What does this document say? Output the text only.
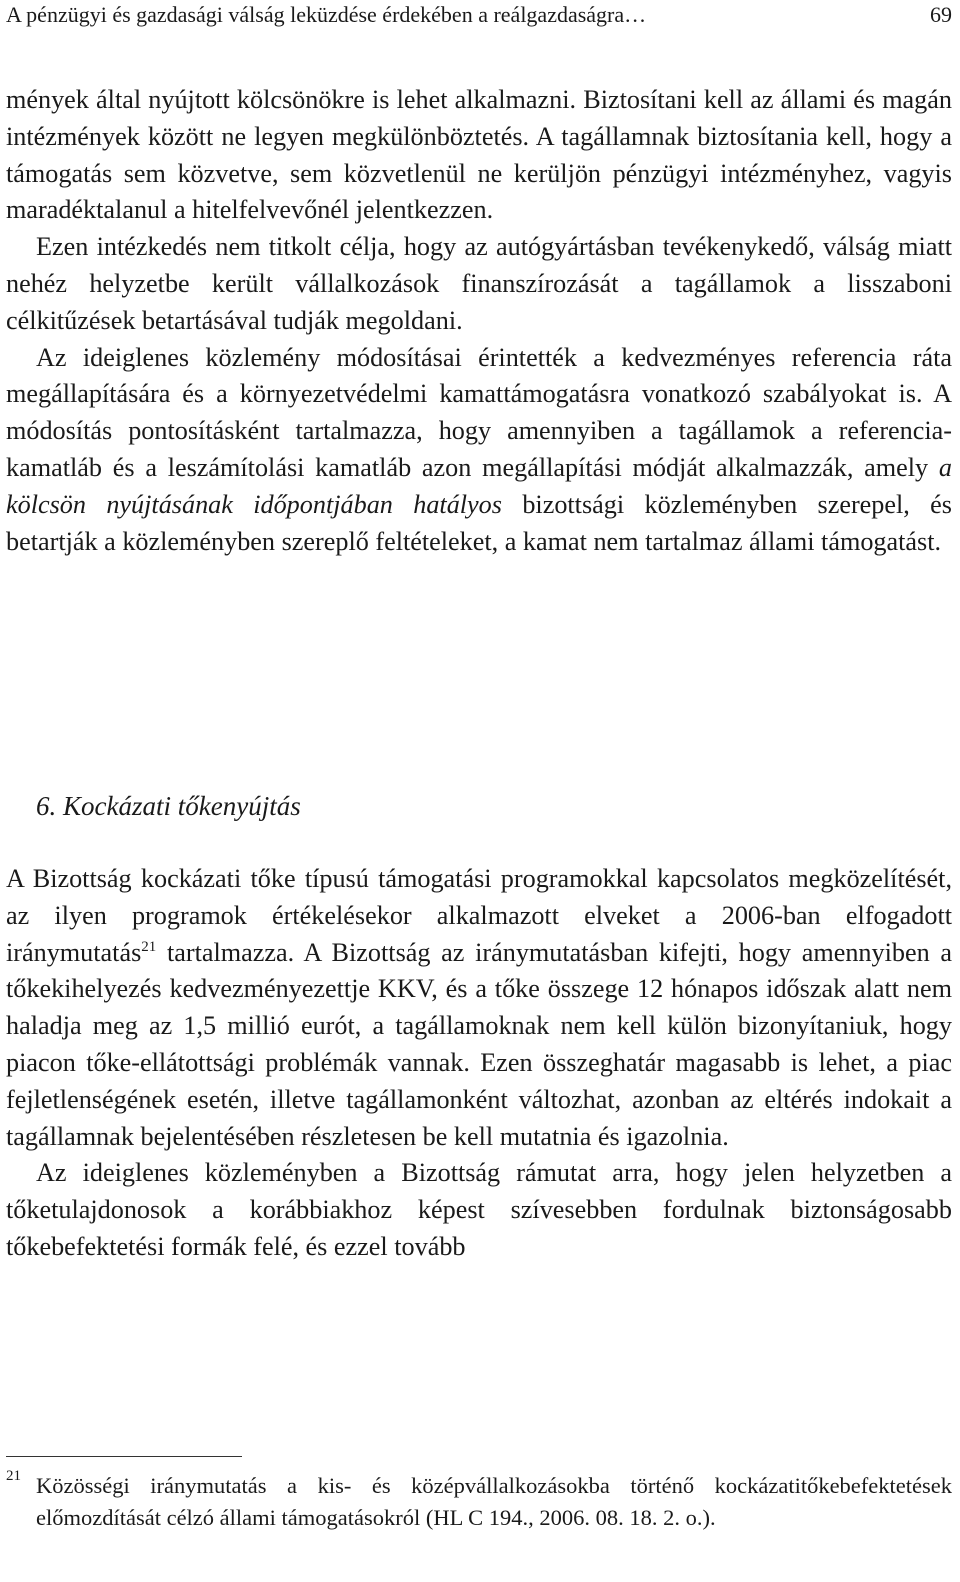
A pénzügyi és gazdasági válság leküzdése érdekében a reálgazdaságra…	69

mények által nyújtott kölcsönökre is lehet alkalmazni. Biztosítani kell az állami és magán intézmények között ne legyen megkülönböztetés. A tagállamnak biztosítania kell, hogy a támogatás sem közvetve, sem közvetlenül ne kerüljön pénzügyi intézményhez, vagyis maradéktalanul a hitelfelvevőnél jelentkezzen.

Ezen intézkedés nem titkolt célja, hogy az autógyártásban tevékenykedő, válság miatt nehéz helyzetbe került vállalkozások finanszírozását a tagállamok a lisszaboni célkitűzések betartásával tudják megoldani.

Az ideiglenes közlemény módosításai érintették a kedvezményes referencia ráta megállapítására és a környezetvédelmi kamattámogatásra vonatkozó szabályokat is. A módosítás pontosításként tartalmazza, hogy amennyiben a tagállamok a referencia-kamatláb és a leszámítolási kamatláb azon megállapítási módját alkalmazzák, amely a kölcsön nyújtásának időpontjában hatályos bizottsági közleményben szerepel, és betartják a közleményben szereplő feltételeket, a kamat nem tartalmaz állami támogatást.

6. Kockázati tőkenyújtás

A Bizottság kockázati tőke típusú támogatási programokkal kapcsolatos megközelítését, az ilyen programok értékelésekor alkalmazott elveket a 2006-ban elfogadott iránymutatás$^{21}$ tartalmazza. A Bizottság az iránymutatásban kifejti, hogy amennyiben a tőkekihelyezés kedvezményezettje KKV, és a tőke összege 12 hónapos időszak alatt nem haladja meg az 1,5 millió eurót, a tagállamoknak nem kell külön bizonyítaniuk, hogy piacon tőke-ellátottsági problémák vannak. Ezen összeghatár magasabb is lehet, a piac fejletlenségének esetén, illetve tagállamonként változhat, azonban az eltérés indokait a tagállamnak bejelentésében részletesen be kell mutatnia és igazolnia.

Az ideiglenes közleményben a Bizottság rámutat arra, hogy jelen helyzetben a tőketulajdonosok a korábbiakhoz képest szívesebben fordulnak biztonságosabb tőkebefektetési formák felé, és ezzel tovább

21 Közösségi iránymutatás a kis- és középvállalkozásokba történő kockázatitőkebefektetések előmozdítását célzó állami támogatásokról (HL C 194., 2006. 08. 18. 2. o.).
